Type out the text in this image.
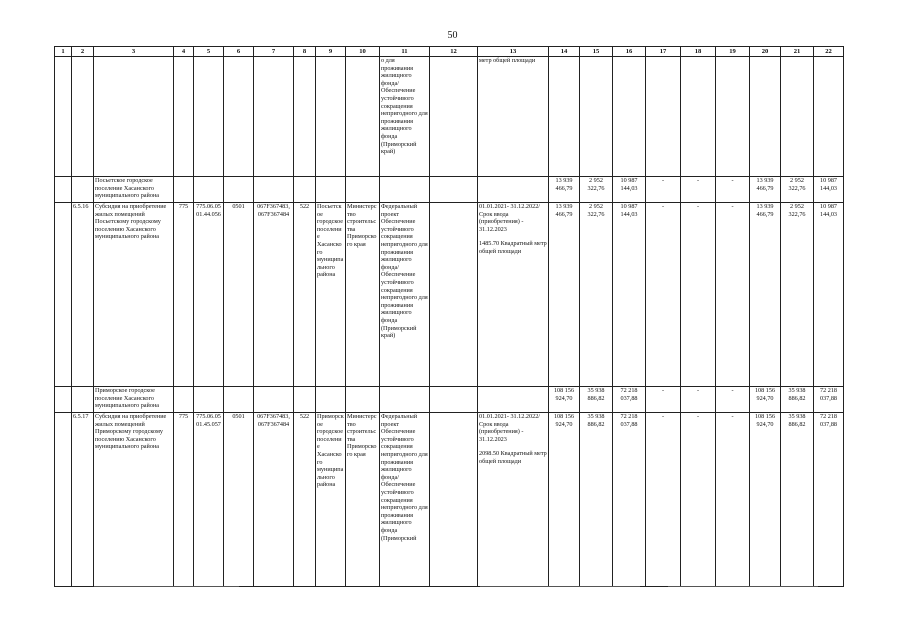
50
1	2	3	4	5	6	7	8	9	10	11	12	13	14	15	16	17	18	19	20	21	22
										о для проживания жилищного фонда/Обеспечение устойчивого сокращения непригодного для проживания жилищного фонда (Приморский край)		метр общей площади									
		Посьетское городское поселение Хасанского муниципального района											13 939 466,79	2 952 322,76	10 987 144,03	-	-	-	13 939 466,79	2 952 322,76	10 987 144,03
	6.5.16	Субсидия на приобретение жилых помещений Посьетскому городскому поселению Хасанского муниципального района	775	775.06.0501.44.056	0501	067F367483, 067F367484	522	Посьетское городское поселение Хасанского муниципального района	Министерство строительства Приморского края	Федеральный проект Обеспечение устойчивого сокращения непригодного для проживания жилищного фонда/Обеспечение устойчивого сокращения непригодного для проживания жилищного фонда (Приморский край)		01.01.2021- 31.12.2022/ Срок ввода (приобретения) - 31.12.2023
1485.70 Квадратный метр общей площади	13 939 466,79	2 952 322,76	10 987 144,03	-	-	-	13 939 466,79	2 952 322,76	10 987 144,03
		Приморское городское поселение Хасанского муниципального района											108 156 924,70	35 938 886,82	72 218 037,88	-	-	-	108 156 924,70	35 938 886,82	72 218 037,88
	6.5.17	Субсидия на приобретение жилых помещений Приморскому городскому поселению Хасанского муниципального района	775	775.06.0501.45.057	0501	067F367483, 067F367484	522	Приморское городское поселение Хасанского муниципального района	Министерство строительства Приморского края	Федеральный проект Обеспечение устойчивого сокращения непригодного для проживания жилищного фонда/Обеспечение устойчивого сокращения непригодного для проживания жилищного фонда (Приморский		01.01.2021- 31.12.2022/ Срок ввода (приобретения) - 31.12.2023
2098.50 Квадратный метр общей площади	108 156 924,70	35 938 886,82	72 218 037,88	-	-	-	108 156 924,70	35 938 886,82	72 218 037,88
